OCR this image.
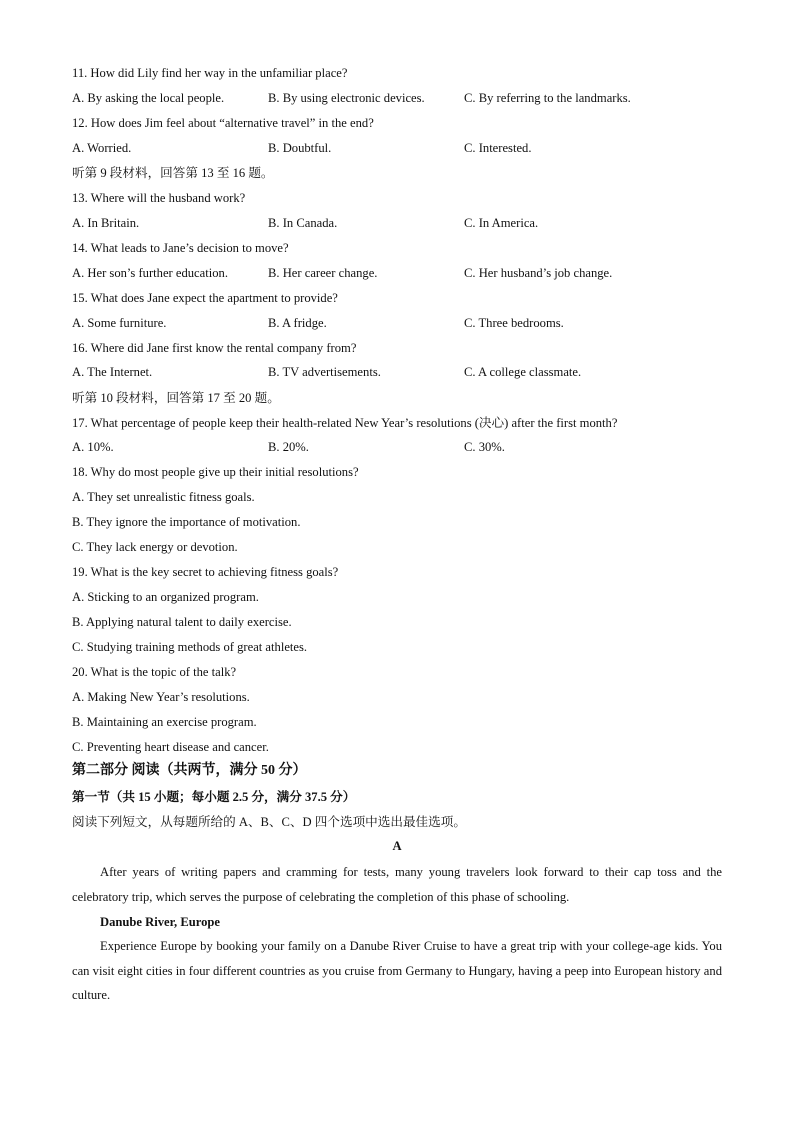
11. How did Lily find her way in the unfamiliar place?
A. By asking the local people.	B. By using electronic devices.	C. By referring to the landmarks.
12. How does Jim feel about “alternative travel” in the end?
A. Worried.	B. Doubtful.	C. Interested.
听第 9 段材料，回答第 13 至 16 题。
13. Where will the husband work?
A. In Britain.	B. In Canada.	C. In America.
14. What leads to Jane’s decision to move?
A. Her son’s further education.	B. Her career change.	C. Her husband’s job change.
15. What does Jane expect the apartment to provide?
A. Some furniture.	B. A fridge.	C. Three bedrooms.
16. Where did Jane first know the rental company from?
A. The Internet.	B. TV advertisements.	C. A college classmate.
听第 10 段材料，回答第 17 至 20 题。
17. What percentage of people keep their health-related New Year’s resolutions (决心) after the first month?
A. 10%.	B. 20%.	C. 30%.
18. Why do most people give up their initial resolutions?
A. They set unrealistic fitness goals.
B. They ignore the importance of motivation.
C. They lack energy or devotion.
19. What is the key secret to achieving fitness goals?
A. Sticking to an organized program.
B. Applying natural talent to daily exercise.
C. Studying training methods of great athletes.
20. What is the topic of the talk?
A. Making New Year’s resolutions.
B. Maintaining an exercise program.
C. Preventing heart disease and cancer.
第二部分 阅读（共两节，满分 50 分）
第一节（共 15 小题；每小题 2.5 分，满分 37.5 分）
阅读下列短文，从每题所给的 A、B、C、D 四个选项中选出最佳选项。
A
After years of writing papers and cramming for tests, many young travelers look forward to their cap toss and the celebratory trip, which serves the purpose of celebrating the completion of this phase of schooling.
Danube River, Europe
Experience Europe by booking your family on a Danube River Cruise to have a great trip with your college-age kids. You can visit eight cities in four different countries as you cruise from Germany to Hungary, having a peep into European history and culture.
